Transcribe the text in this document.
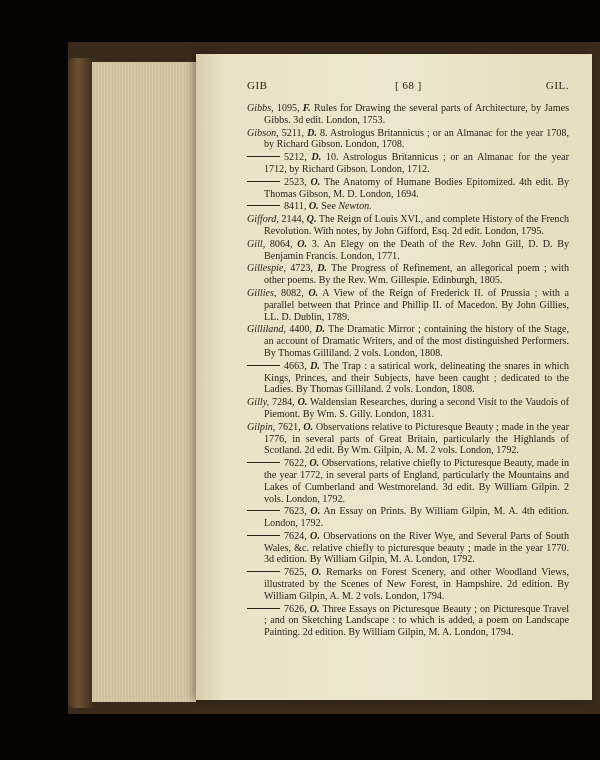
GIB	[ 68 ]	GIL.

Gibbs, 1095, F. Rules for Drawing the several parts of Architecture, by James Gibbs. 3d edit. London, 1753.

Gibson, 5211, D. 8. Astrologus Britannicus ; or an Almanac for the year 1708, by Richard Gibson. London, 1708.

5212, D. 10. Astrologus Britannicus ; or an Almanac for the year 1712, by Richard Gibson. London, 1712.

2523, O. The Anatomy of Humane Bodies Epitomized. 4th edit. By Thomas Gibson, M. D. London, 1694.

8411, O. See Newton.

Gifford, 2144, Q. The Reign of Louis XVI., and complete History of the French Revolution. With notes, by John Gifford, Esq. 2d edit. London, 1795.

Gill, 8064, O. 3. An Elegy on the Death of the Rev. John Gill, D. D. By Benjamin Francis. London, 1771.

Gillespie, 4723, D. The Progress of Refinement, an allegorical poem ; with other poems. By the Rev. Wm. Gillespie. Edinburgh, 1805.

Gillies, 8082, O. A View of the Reign of Frederick II. of Prussia ; with a parallel between that Prince and Phillip II. of Macedon. By John Gillies, LL. D. Dublin, 1789.

Gilliland, 4400, D. The Dramatic Mirror ; containing the history of the Stage, an account of Dramatic Writers, and of the most distinguished Performers. By Thomas Gilliland. 2 vols. London, 1808.

4663, D. The Trap : a satirical work, delineating the snares in which Kings, Princes, and their Subjects, have been caught ; dedicated to the Ladies. By Thomas Gilliland. 2 vols. London, 1808.

Gilly, 7284, O. Waldensian Researches, during a second Visit to the Vaudois of Piemont. By Wm. S. Gilly. London, 1831.

Gilpin, 7621, O. Observations relative to Picturesque Beauty ; made in the year 1776, in several parts of Great Britain, particularly the Highlands of Scotland. 2d edit. By Wm. Gilpin, A. M. 2 vols. London, 1792.

7622, O. Observations, relative chiefly to Picturesque Beauty, made in the year 1772, in several parts of England, particularly the Mountains and Lakes of Cumberland and Westmoreland. 3d edit. By William Gilpin. 2 vols. London, 1792.

7623, O. An Essay on Prints. By William Gilpin, M. A. 4th edition. London, 1792.

7624, O. Observations on the River Wye, and Several Parts of South Wales, &c. relative chiefly to picturesque beauty ; made in the year 1770. 3d edition. By William Gilpin, M. A. London, 1792.

7625, O. Remarks on Forest Scenery, and other Woodland Views, illustrated by the Scenes of New Forest, in Hampshire. 2d edition. By William Gilpin, A. M. 2 vols. London, 1794.

7626, O. Three Essays on Picturesque Beauty ; on Picturesque Travel ; and on Sketching Landscape : to which is added, a poem on Landscape Painting. 2d edition. By William Gilpin, M. A. London, 1794.
